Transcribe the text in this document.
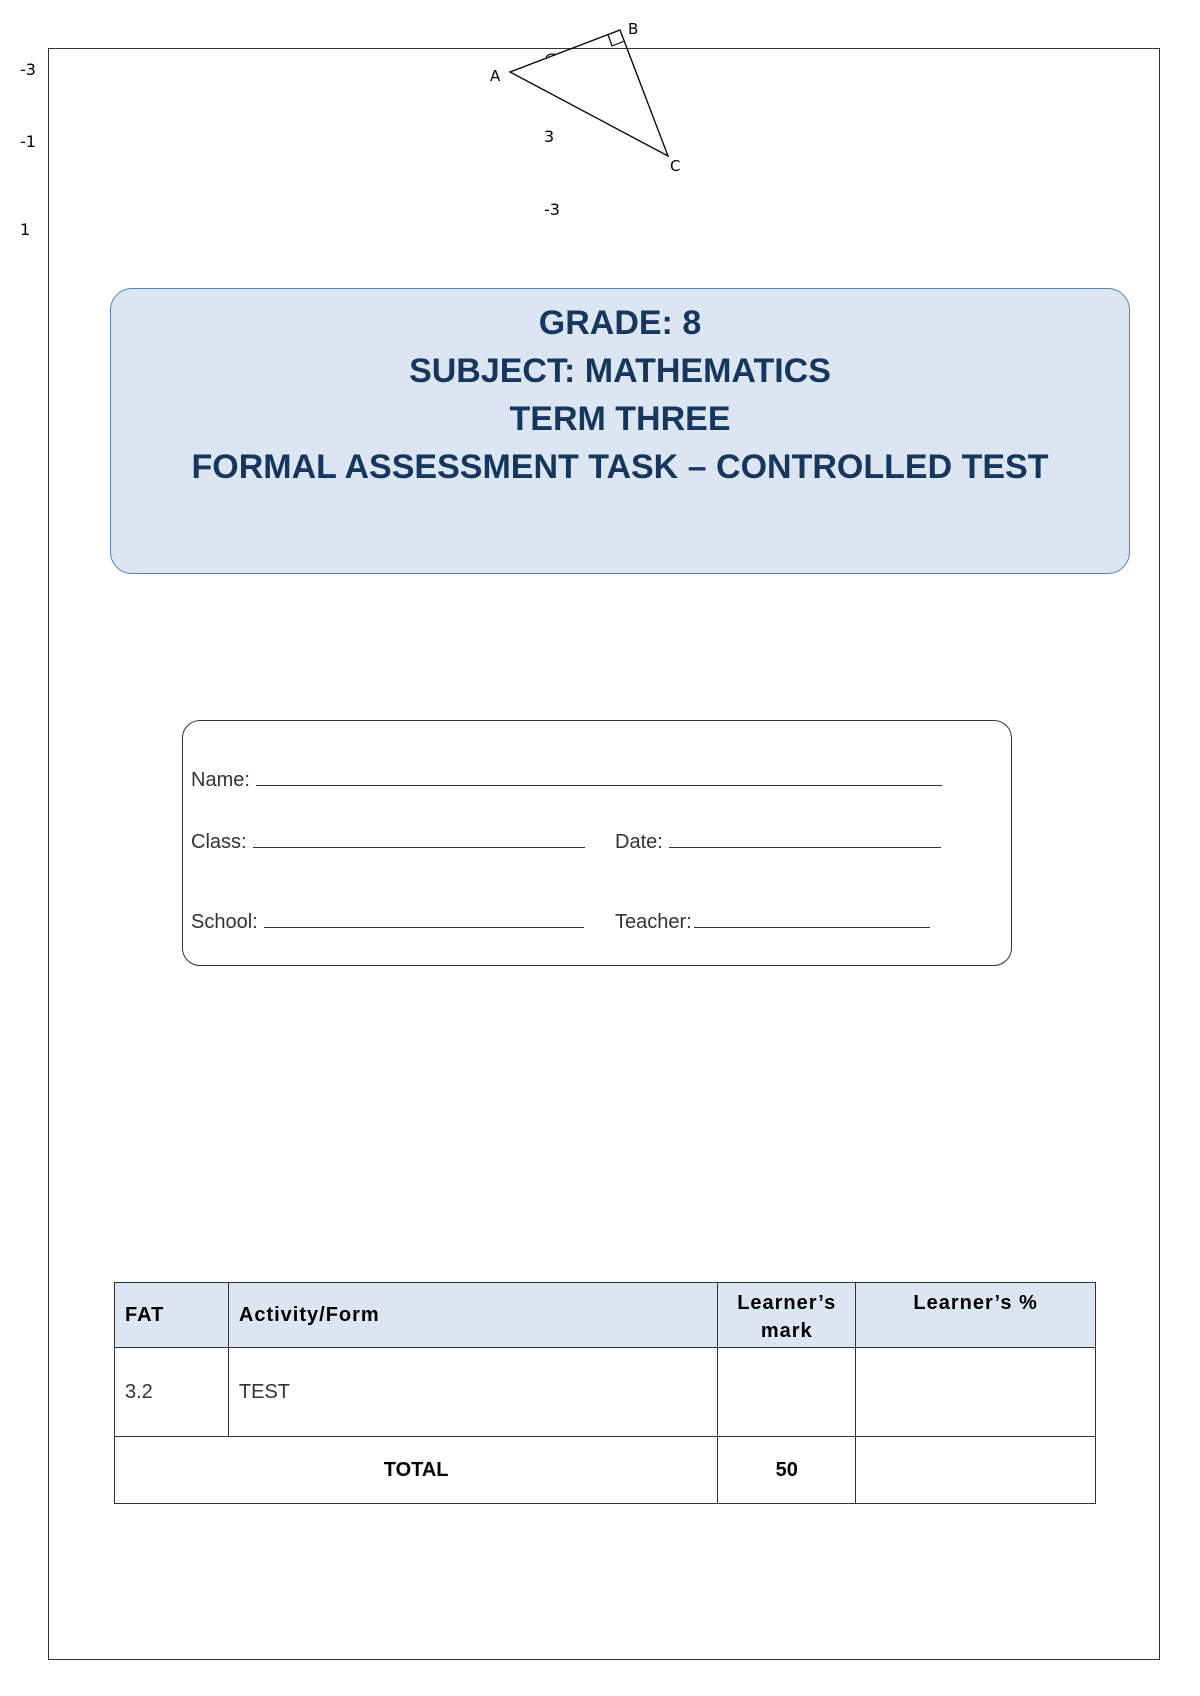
-3
-1
1
3
-3
A
B
C
GRADE: 8
SUBJECT: MATHEMATICS
TERM THREE
FORMAL ASSESSMENT TASK – CONTROLLED TEST
Name:
Class:	Date:
School:	Teacher:
FAT	Activity/Form	Learner’s mark	Learner’s %
3.2	TEST		
TOTAL		50	
